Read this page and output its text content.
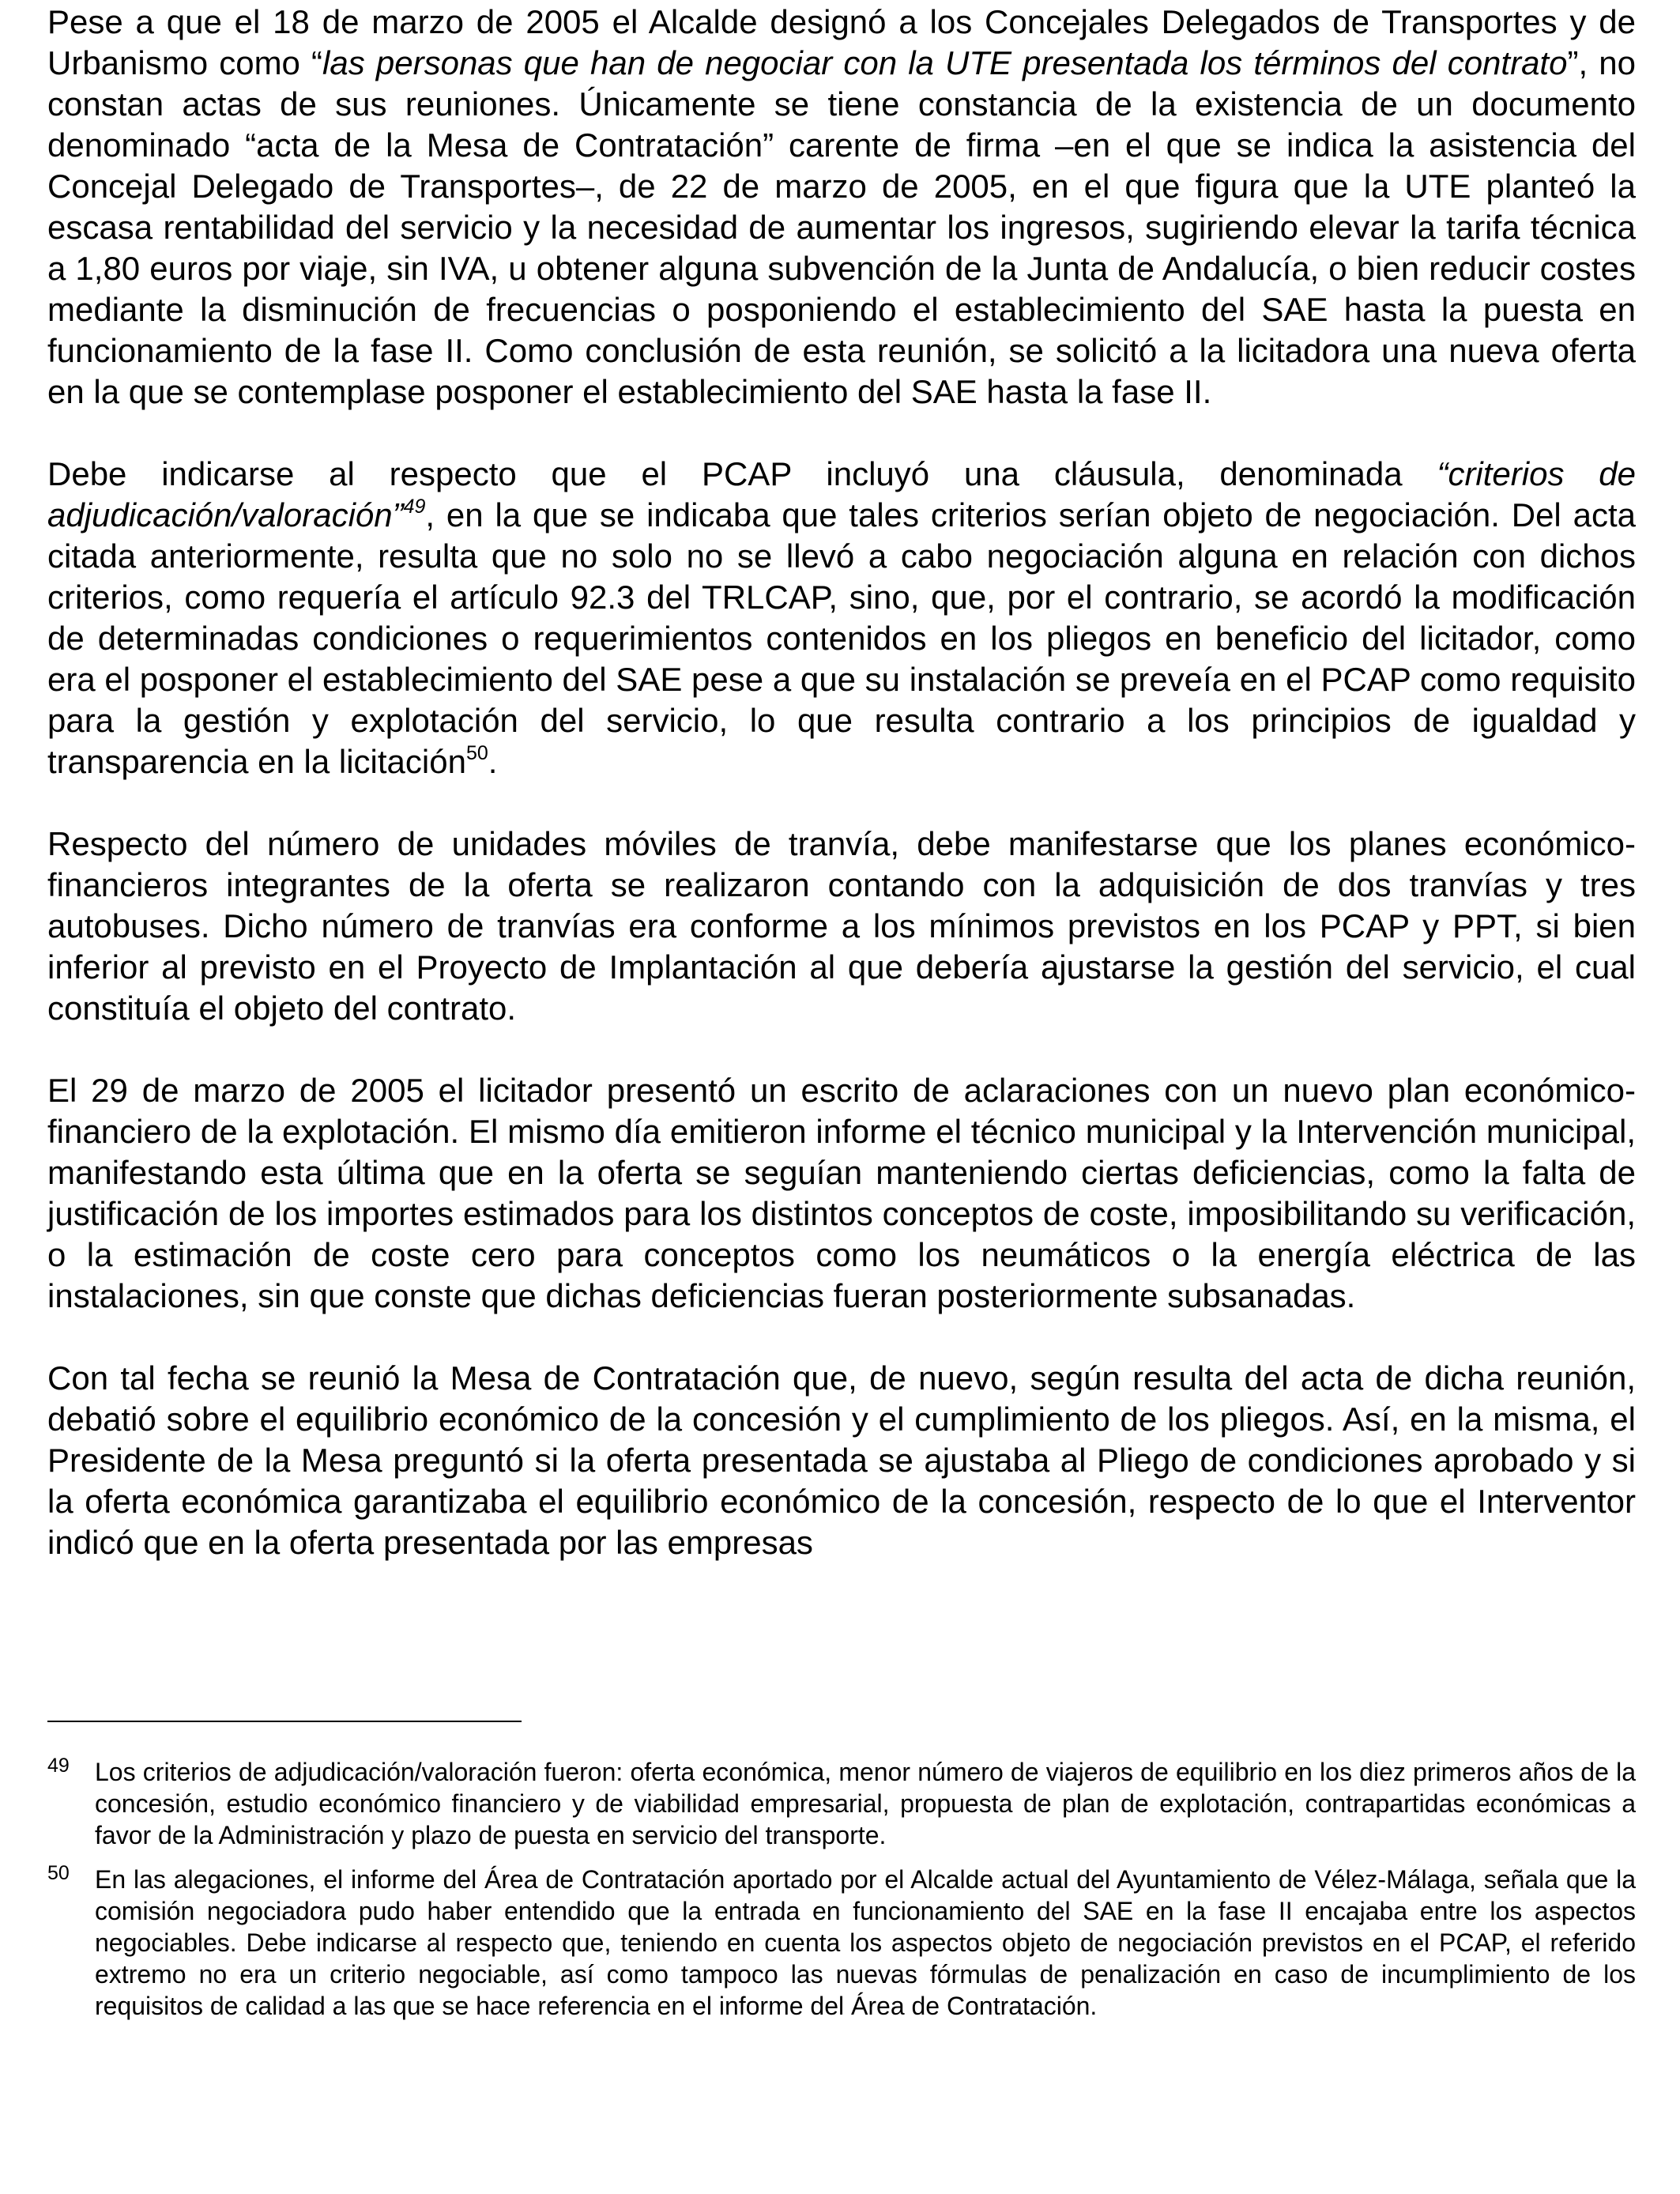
Pese a que el 18 de marzo de 2005 el Alcalde designó a los Concejales Delegados de Transportes y de Urbanismo como “las personas que han de negociar con la UTE presentada los términos del contrato”, no constan actas de sus reuniones. Únicamente se tiene constancia de la existencia de un documento denominado “acta de la Mesa de Contratación” carente de firma –en el que se indica la asistencia del Concejal Delegado de Transportes–, de 22 de marzo de 2005, en el que figura que la UTE planteó la escasa rentabilidad del servicio y la necesidad de aumentar los ingresos, sugiriendo elevar la tarifa técnica a 1,80 euros por viaje, sin IVA, u obtener alguna subvención de la Junta de Andalucía, o bien reducir costes mediante la disminución de frecuencias o posponiendo el establecimiento del SAE hasta la puesta en funcionamiento de la fase II. Como conclusión de esta reunión, se solicitó a la licitadora una nueva oferta en la que se contemplase posponer el establecimiento del SAE hasta la fase II.

Debe indicarse al respecto que el PCAP incluyó una cláusula, denominada “criterios de adjudicación/valoración”$^{49}$, en la que se indicaba que tales criterios serían objeto de negociación. Del acta citada anteriormente, resulta que no solo no se llevó a cabo negociación alguna en relación con dichos criterios, como requería el artículo 92.3 del TRLCAP, sino, que, por el contrario, se acordó la modificación de determinadas condiciones o requerimientos contenidos en los pliegos en beneficio del licitador, como era el posponer el establecimiento del SAE pese a que su instalación se preveía en el PCAP como requisito para la gestión y explotación del servicio, lo que resulta contrario a los principios de igualdad y transparencia en la licitación$^{50}$.

Respecto del número de unidades móviles de tranvía, debe manifestarse que los planes económico-financieros integrantes de la oferta se realizaron contando con la adquisición de dos tranvías y tres autobuses. Dicho número de tranvías era conforme a los mínimos previstos en los PCAP y PPT, si bien inferior al previsto en el Proyecto de Implantación al que debería ajustarse la gestión del servicio, el cual constituía el objeto del contrato.

El 29 de marzo de 2005 el licitador presentó un escrito de aclaraciones con un nuevo plan económico-financiero de la explotación. El mismo día emitieron informe el técnico municipal y la Intervención municipal, manifestando esta última que en la oferta se seguían manteniendo ciertas deficiencias, como la falta de justificación de los importes estimados para los distintos conceptos de coste, imposibilitando su verificación, o la estimación de coste cero para conceptos como los neumáticos o la energía eléctrica de las instalaciones, sin que conste que dichas deficiencias fueran posteriormente subsanadas.

Con tal fecha se reunió la Mesa de Contratación que, de nuevo, según resulta del acta de dicha reunión, debatió sobre el equilibrio económico de la concesión y el cumplimiento de los pliegos. Así, en la misma, el Presidente de la Mesa preguntó si la oferta presentada se ajustaba al Pliego de condiciones aprobado y si la oferta económica garantizaba el equilibrio económico de la concesión, respecto de lo que el Interventor indicó que en la oferta presentada por las empresas

49 Los criterios de adjudicación/valoración fueron: oferta económica, menor número de viajeros de equilibrio en los diez primeros años de la concesión, estudio económico financiero y de viabilidad empresarial, propuesta de plan de explotación, contrapartidas económicas a favor de la Administración y plazo de puesta en servicio del transporte.

50 En las alegaciones, el informe del Área de Contratación aportado por el Alcalde actual del Ayuntamiento de Vélez-Málaga, señala que la comisión negociadora pudo haber entendido que la entrada en funcionamiento del SAE en la fase II encajaba entre los aspectos negociables. Debe indicarse al respecto que, teniendo en cuenta los aspectos objeto de negociación previstos en el PCAP, el referido extremo no era un criterio negociable, así como tampoco las nuevas fórmulas de penalización en caso de incumplimiento de los requisitos de calidad a las que se hace referencia en el informe del Área de Contratación.
